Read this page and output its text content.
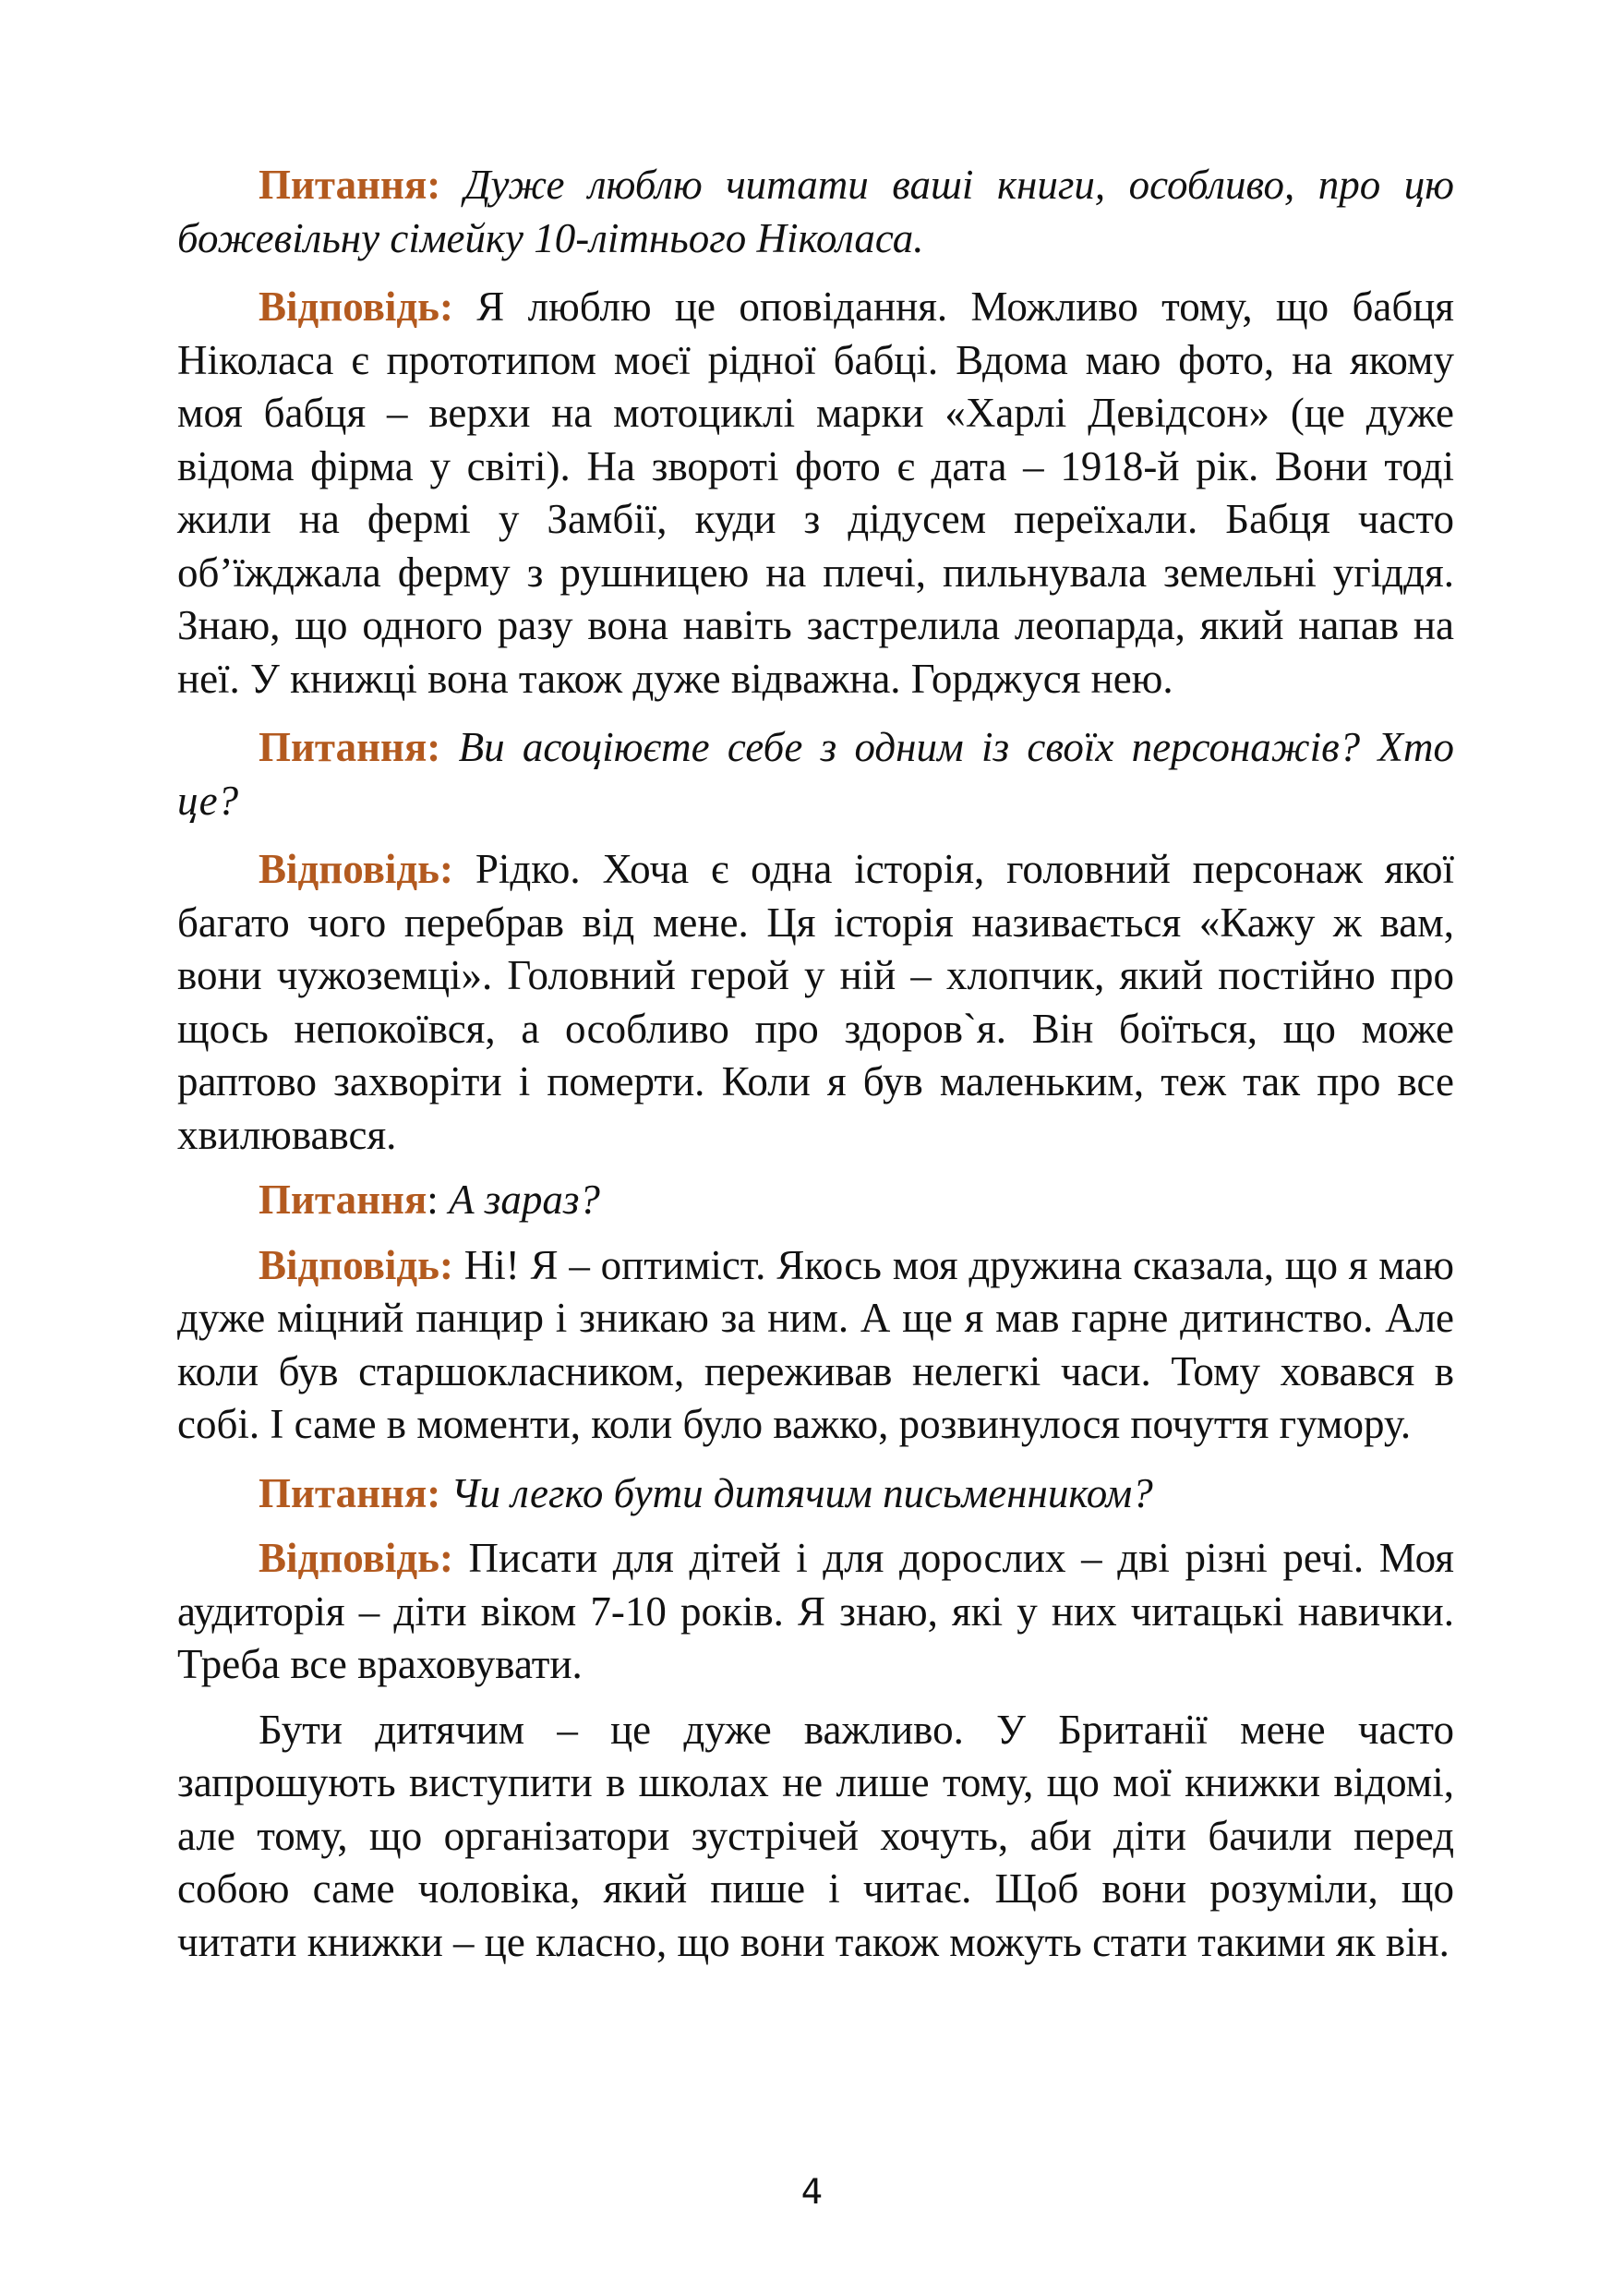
Питання: Дуже люблю читати ваші книги, особливо, про цю божевільну сімейку 10-літнього Ніколаса.

Відповідь: Я люблю це оповідання. Можливо тому, що бабця Ніколаса є прототипом моєї рідної бабці. Вдома маю фото, на якому моя бабця – верхи на мотоциклі марки «Харлі Девідсон» (це дуже відома фірма у світі). На звороті фото є дата – 1918-й рік. Вони тоді жили на фермі у Замбії, куди з дідусем переїхали. Бабця часто об’їжджала ферму з рушницею на плечі, пильнувала земельні угіддя. Знаю, що одного разу вона навіть застрелила леопарда, який напав на неї. У книжці вона також дуже відважна. Горджуся нею.

Питання: Ви асоціюєте себе з одним із своїх персонажів? Хто це?

Відповідь: Рідко. Хоча є одна історія, головний персонаж якої багато чого перебрав від мене. Ця історія називається «Кажу ж вам, вони чужоземці». Головний герой у ній – хлопчик, який постійно про щось непокоївся, а особливо про здоров`я. Він боїться, що може раптово захворіти і померти. Коли я був маленьким, теж так про все хвилювався.

Питання: А зараз?

Відповідь: Ні! Я – оптиміст. Якось моя дружина сказала, що я маю дуже міцний панцир і зникаю за ним. А ще я мав гарне дитинство. Але коли був старшокласником, переживав нелегкі часи. Тому ховався в собі. І саме в моменти, коли було важко, розвинулося почуття гумору.

Питання: Чи легко бути дитячим письменником?

Відповідь: Писати для дітей і для дорослих – дві різні речі. Моя аудиторія – діти віком 7-10 років. Я знаю, які у них читацькі навички. Треба все враховувати.

Бути дитячим – це дуже важливо. У Британії мене часто запрошують виступити в школах не лише тому, що мої книжки відомі, але тому, що організатори зустрічей хочуть, аби діти бачили перед собою саме чоловіка, який пише і читає. Щоб вони розуміли, що читати книжки – це класно, що вони також можуть стати такими як він.

4
